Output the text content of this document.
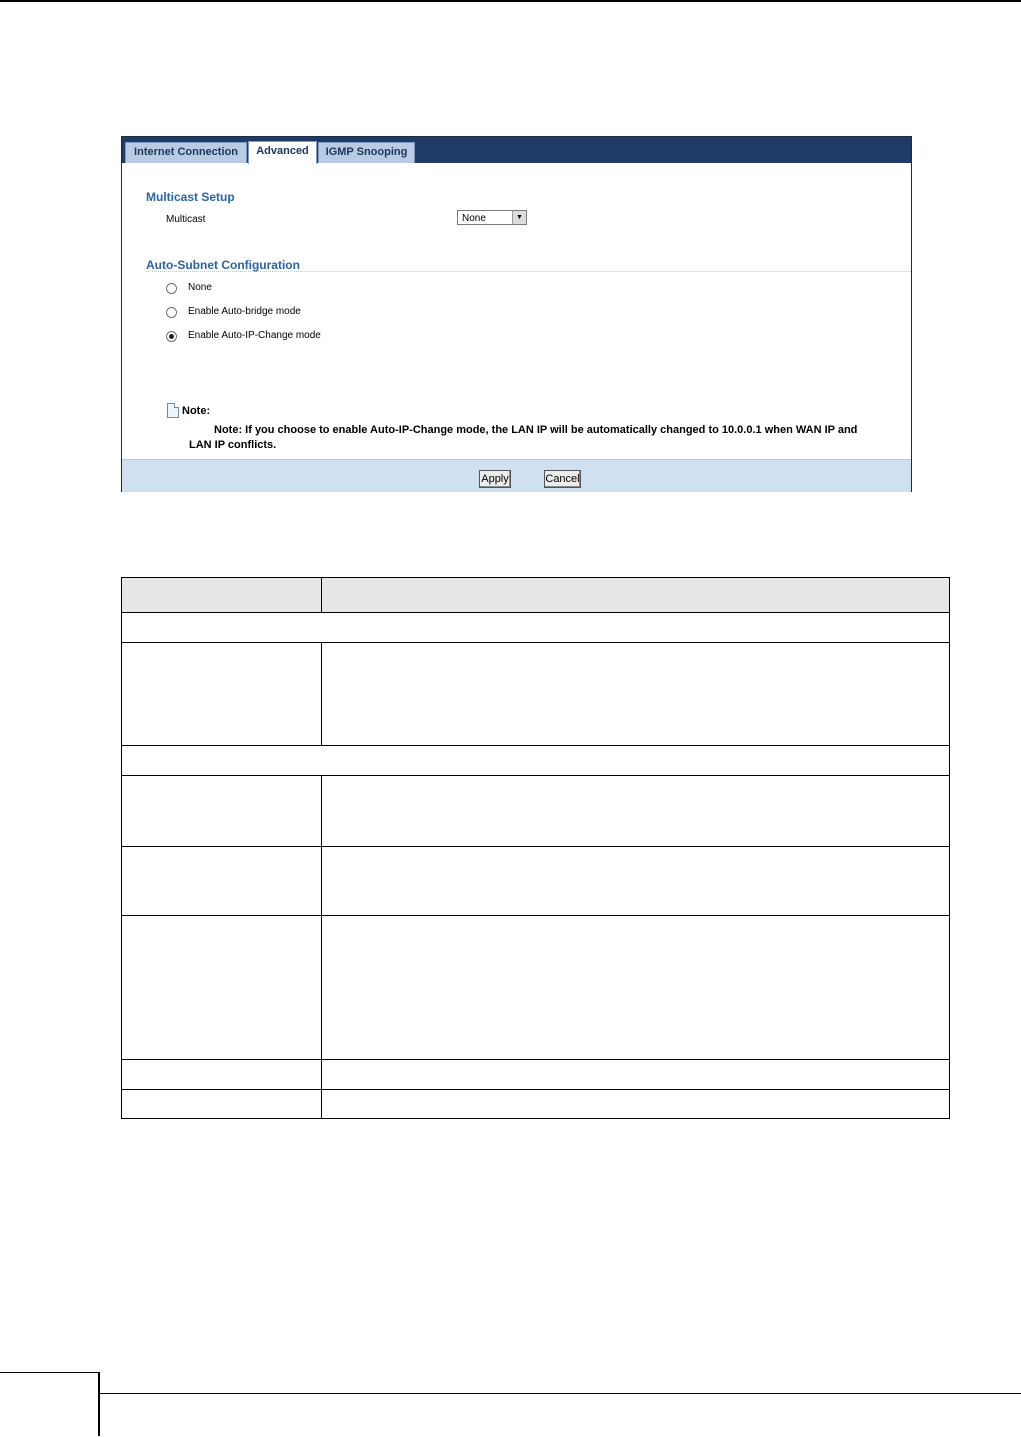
Internet Connection	Advanced	IGMP Snooping
Multicast Setup
Multicast	None	▼
Auto-Subnet Configuration
None
Enable Auto-bridge mode
Enable Auto-IP-Change mode
Note:
Note: If you choose to enable Auto-IP-Change mode, the LAN IP will be automatically changed to 10.0.0.1 when WAN IP and LAN IP conflicts.
Apply	Cancel
